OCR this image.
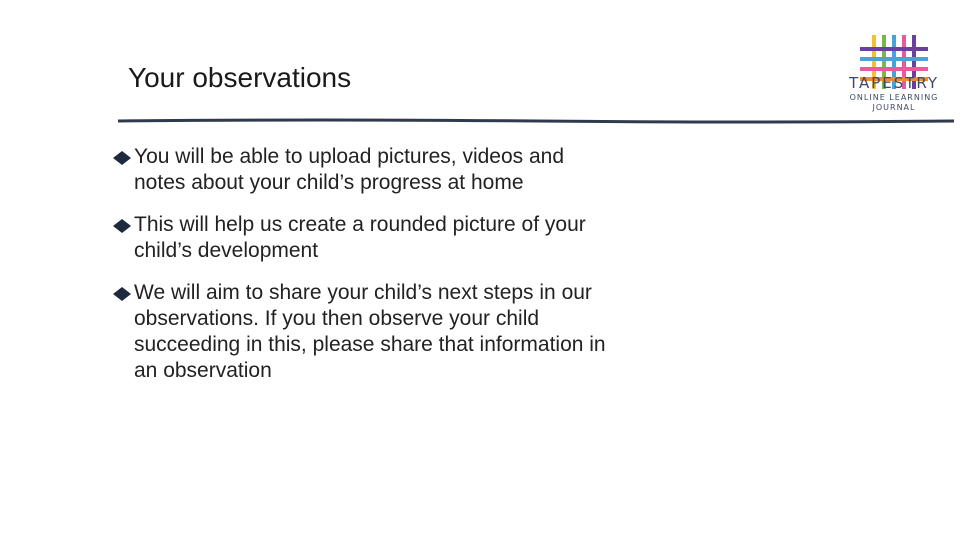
Your observations	TAPESTRY
ONLINE LEARNING
JOURNAL
You will be able to upload pictures, videos and notes about your child’s progress at home
This will help us create a rounded picture of your child’s development
We will aim to share your child’s next steps in our observations. If you then observe your child succeeding in this, please share that information in an observation
